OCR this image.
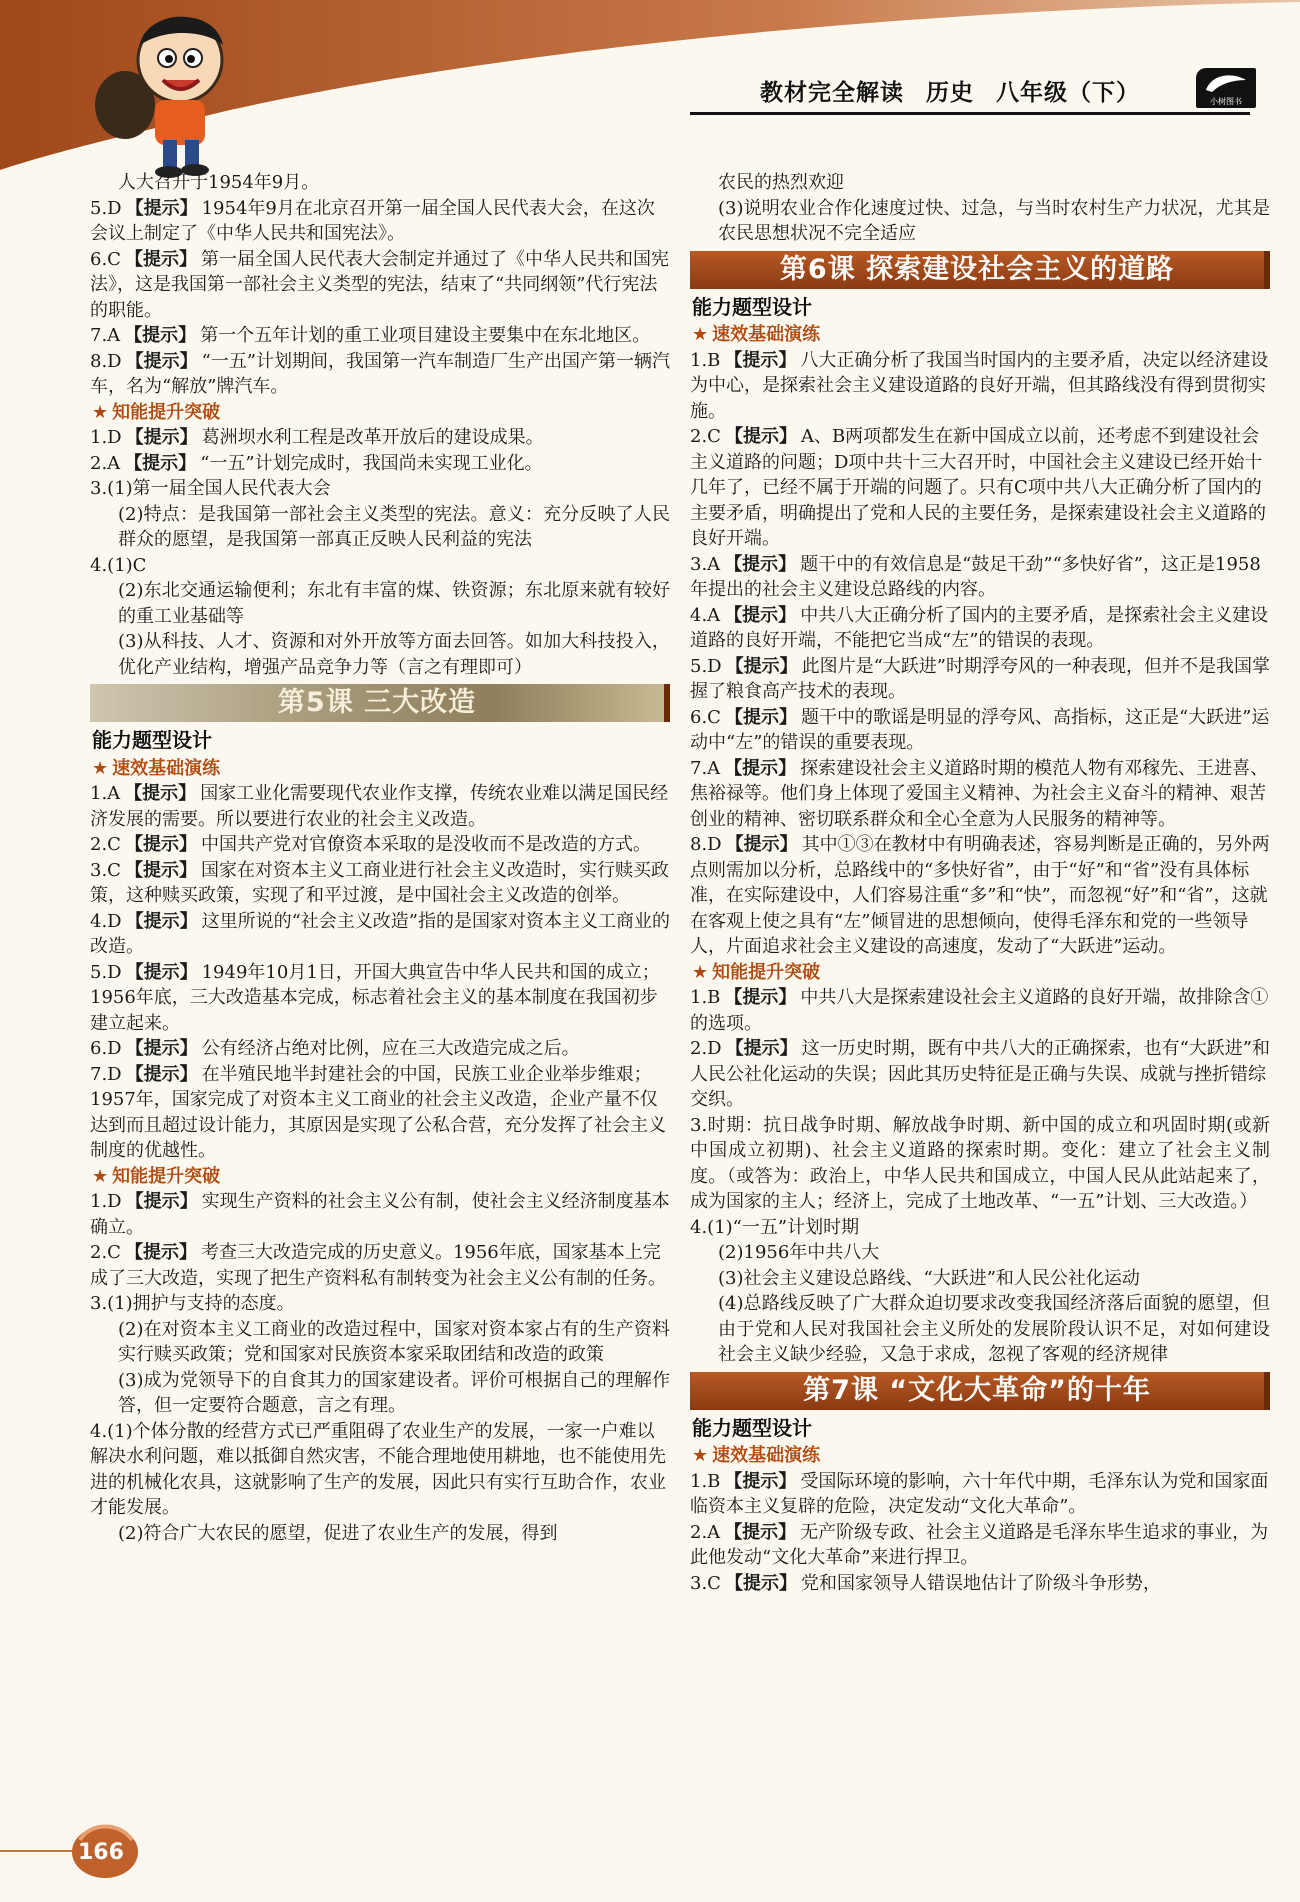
教材完全解读 历史 八年级（下）	小树图书
人大召开于1954年9月。
5.D 【提示】 1954年9月在北京召开第一届全国人民代表大会，在这次会议上制定了《中华人民共和国宪法》。
6.C 【提示】 第一届全国人民代表大会制定并通过了《中华人民共和国宪法》，这是我国第一部社会主义类型的宪法，结束了“共同纲领”代行宪法的职能。
7.A 【提示】 第一个五年计划的重工业项目建设主要集中在东北地区。
8.D 【提示】 “一五”计划期间，我国第一汽车制造厂生产出国产第一辆汽车，名为“解放”牌汽车。
★ 知能提升突破
1.D 【提示】 葛洲坝水利工程是改革开放后的建设成果。
2.A 【提示】 “一五”计划完成时，我国尚未实现工业化。
3.(1)第一届全国人民代表大会
(2)特点：是我国第一部社会主义类型的宪法。意义：充分反映了人民群众的愿望，是我国第一部真正反映人民利益的宪法
4.(1)C
(2)东北交通运输便利；东北有丰富的煤、铁资源；东北原来就有较好的重工业基础等
(3)从科技、人才、资源和对外开放等方面去回答。如加大科技投入，优化产业结构，增强产品竞争力等（言之有理即可）
第5课 三大改造
能力题型设计
★ 速效基础演练
1.A 【提示】 国家工业化需要现代农业作支撑，传统农业难以满足国民经济发展的需要。所以要进行农业的社会主义改造。
2.C 【提示】 中国共产党对官僚资本采取的是没收而不是改造的方式。
3.C 【提示】 国家在对资本主义工商业进行社会主义改造时，实行赎买政策，这种赎买政策，实现了和平过渡，是中国社会主义改造的创举。
4.D 【提示】 这里所说的“社会主义改造”指的是国家对资本主义工商业的改造。
5.D 【提示】 1949年10月1日，开国大典宣告中华人民共和国的成立；1956年底，三大改造基本完成，标志着社会主义的基本制度在我国初步建立起来。
6.D 【提示】 公有经济占绝对比例，应在三大改造完成之后。
7.D 【提示】 在半殖民地半封建社会的中国，民族工业企业举步维艰；1957年，国家完成了对资本主义工商业的社会主义改造，企业产量不仅达到而且超过设计能力，其原因是实现了公私合营，充分发挥了社会主义制度的优越性。
★ 知能提升突破
1.D 【提示】 实现生产资料的社会主义公有制，使社会主义经济制度基本确立。
2.C 【提示】 考查三大改造完成的历史意义。1956年底，国家基本上完成了三大改造，实现了把生产资料私有制转变为社会主义公有制的任务。
3.(1)拥护与支持的态度。
(2)在对资本主义工商业的改造过程中，国家对资本家占有的生产资料实行赎买政策；党和国家对民族资本家采取团结和改造的政策
(3)成为党领导下的自食其力的国家建设者。评价可根据自己的理解作答，但一定要符合题意，言之有理。
4.(1)个体分散的经营方式已严重阻碍了农业生产的发展，一家一户难以解决水利问题，难以抵御自然灾害，不能合理地使用耕地，也不能使用先进的机械化农具，这就影响了生产的发展，因此只有实行互助合作，农业才能发展。
(2)符合广大农民的愿望，促进了农业生产的发展，得到
农民的热烈欢迎
(3)说明农业合作化速度过快、过急，与当时农村生产力状况，尤其是农民思想状况不完全适应
第6课 探索建设社会主义的道路
能力题型设计
★ 速效基础演练
1.B 【提示】 八大正确分析了我国当时国内的主要矛盾，决定以经济建设为中心，是探索社会主义建设道路的良好开端，但其路线没有得到贯彻实施。
2.C 【提示】 A、B两项都发生在新中国成立以前，还考虑不到建设社会主义道路的问题；D项中共十三大召开时，中国社会主义建设已经开始十几年了，已经不属于开端的问题了。只有C项中共八大正确分析了国内的主要矛盾，明确提出了党和人民的主要任务，是探索建设社会主义道路的良好开端。
3.A 【提示】 题干中的有效信息是“鼓足干劲”“多快好省”，这正是1958年提出的社会主义建设总路线的内容。
4.A 【提示】 中共八大正确分析了国内的主要矛盾，是探索社会主义建设道路的良好开端，不能把它当成“左”的错误的表现。
5.D 【提示】 此图片是“大跃进”时期浮夸风的一种表现，但并不是我国掌握了粮食高产技术的表现。
6.C 【提示】 题干中的歌谣是明显的浮夸风、高指标，这正是“大跃进”运动中“左”的错误的重要表现。
7.A 【提示】 探索建设社会主义道路时期的模范人物有邓稼先、王进喜、焦裕禄等。他们身上体现了爱国主义精神、为社会主义奋斗的精神、艰苦创业的精神、密切联系群众和全心全意为人民服务的精神等。
8.D 【提示】 其中①③在教材中有明确表述，容易判断是正确的，另外两点则需加以分析，总路线中的“多快好省”，由于“好”和“省”没有具体标准，在实际建设中，人们容易注重“多”和“快”，而忽视“好”和“省”，这就在客观上使之具有“左”倾冒进的思想倾向，使得毛泽东和党的一些领导人，片面追求社会主义建设的高速度，发动了“大跃进”运动。
★ 知能提升突破
1.B 【提示】 中共八大是探索建设社会主义道路的良好开端，故排除含①的选项。
2.D 【提示】 这一历史时期，既有中共八大的正确探索，也有“大跃进”和人民公社化运动的失误；因此其历史特征是正确与失误、成就与挫折错综交织。
3.时期：抗日战争时期、解放战争时期、新中国的成立和巩固时期(或新中国成立初期)、社会主义道路的探索时期。变化：建立了社会主义制度。（或答为：政治上，中华人民共和国成立，中国人民从此站起来了，成为国家的主人；经济上，完成了土地改革、“一五”计划、三大改造。）
4.(1)“一五”计划时期
(2)1956年中共八大
(3)社会主义建设总路线、“大跃进”和人民公社化运动
(4)总路线反映了广大群众迫切要求改变我国经济落后面貌的愿望，但由于党和人民对我国社会主义所处的发展阶段认识不足，对如何建设社会主义缺少经验，又急于求成，忽视了客观的经济规律
第7课 “文化大革命”的十年
能力题型设计
★ 速效基础演练
1.B 【提示】 受国际环境的影响，六十年代中期，毛泽东认为党和国家面临资本主义复辟的危险，决定发动“文化大革命”。
2.A 【提示】 无产阶级专政、社会主义道路是毛泽东毕生追求的事业，为此他发动“文化大革命”来进行捍卫。
3.C 【提示】 党和国家领导人错误地估计了阶级斗争形势，
166
